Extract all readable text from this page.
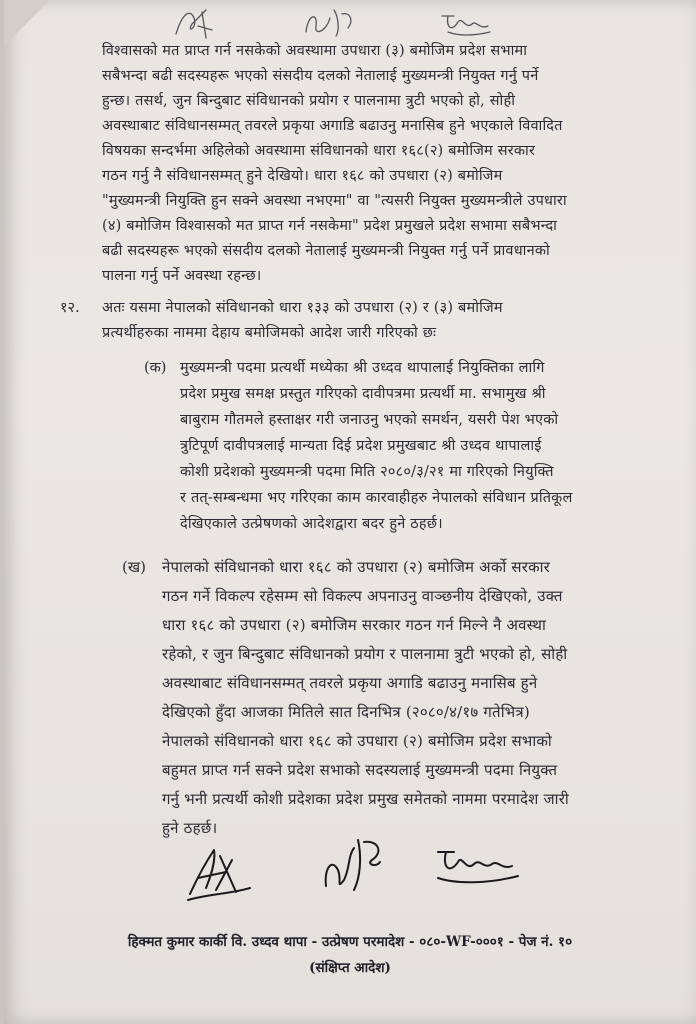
विश्वासको मत प्राप्त गर्न नसकेको अवस्थामा उपधारा (३) बमोजिम प्रदेश सभामा
सबैभन्दा बढी सदस्यहरू भएको संसदीय दलको नेतालाई मुख्यमन्त्री नियुक्त गर्नु पर्ने
हुन्छ। तसर्थ, जुन बिन्दुबाट संविधानको प्रयोग र पालनामा त्रुटी भएको हो, सोही
अवस्थाबाट संविधानसम्मत् तवरले प्रकृया अगाडि बढाउनु मनासिब हुने भएकाले विवादित
विषयका सन्दर्भमा अहिलेको अवस्थामा संविधानको धारा १६८(२) बमोजिम सरकार
गठन गर्नु नै संविधानसम्मत् हुने देखियो। धारा १६८ को उपधारा (२) बमोजिम
"मुख्यमन्त्री नियुक्ति हुन सक्ने अवस्था नभएमा" वा "त्यसरी नियुक्त मुख्यमन्त्रीले उपधारा
(४) बमोजिम विश्वासको मत प्राप्त गर्न नसकेमा" प्रदेश प्रमुखले प्रदेश सभामा सबैभन्दा
बढी सदस्यहरू भएको संसदीय दलको नेतालाई मुख्यमन्त्री नियुक्त गर्नु पर्ने प्रावधानको
पालना गर्नु पर्ने अवस्था रहन्छ।
१२. अतः यसमा नेपालको संविधानको धारा १३३ को उपधारा (२) र (३) बमोजिम
प्रत्यर्थीहरुका नाममा देहाय बमोजिमको आदेश जारी गरिएको छः
(क) मुख्यमन्त्री पदमा प्रत्यर्थी मध्येका श्री उध्दव थापालाई नियुक्तिका लागि
प्रदेश प्रमुख समक्ष प्रस्तुत गरिएको दावीपत्रमा प्रत्यर्थी मा. सभामुख श्री
बाबुराम गौतमले हस्ताक्षर गरी जनाउनु भएको समर्थन, यसरी पेश भएको
त्रुटिपूर्ण दावीपत्रलाई मान्यता दिई प्रदेश प्रमुखबाट श्री उध्दव थापालाई
कोशी प्रदेशको मुख्यमन्त्री पदमा मिति २०८०/३/२१ मा गरिएको नियुक्ति
र तत्-सम्बन्धमा भए गरिएका काम कारवाहीहरु नेपालको संविधान प्रतिकूल
देखिएकाले उत्प्रेषणको आदेशद्वारा बदर हुने ठहर्छ।
(ख) नेपालको संविधानको धारा १६८ को उपधारा (२) बमोजिम अर्को सरकार
गठन गर्ने विकल्प रहेसम्म सो विकल्प अपनाउनु वाञ्छनीय देखिएको, उक्त
धारा १६८ को उपधारा (२) बमोजिम सरकार गठन गर्न मिल्ने नै अवस्था
रहेको, र जुन बिन्दुबाट संविधानको प्रयोग र पालनामा त्रुटी भएको हो, सोही
अवस्थाबाट संविधानसम्मत् तवरले प्रकृया अगाडि बढाउनु मनासिब हुने
देखिएको हुँदा आजका मितिले सात दिनभित्र (२०८०/४/१७ गतेभित्र)
नेपालको संविधानको धारा १६८ को उपधारा (२) बमोजिम प्रदेश सभाको
बहुमत प्राप्त गर्न सक्ने प्रदेश सभाको सदस्यलाई मुख्यमन्त्री पदमा नियुक्त
गर्नु भनी प्रत्यर्थी कोशी प्रदेशका प्रदेश प्रमुख समेतको नाममा परमादेश जारी
हुने ठहर्छ।
हिक्मत कुमार कार्की वि. उध्दव थापा - उत्प्रेषण परमादेश - ०८०-WF-०००१ - पेज नं. १०
(संक्षिप्त आदेश)
